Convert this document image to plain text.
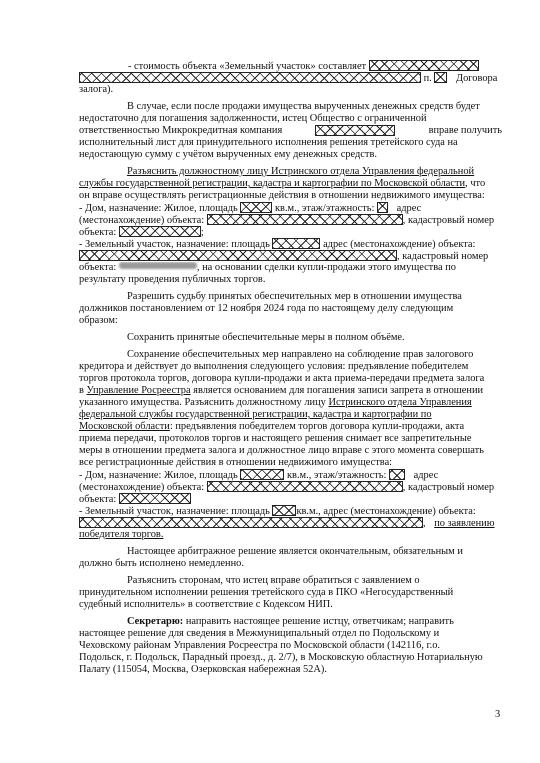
- стоимость объекта «Земельный участок» составляет
п. Договора
залога).
В случае, если после продажи имущества вырученных денежных средств будет
недостаточно для погашения задолженности, истец Общество с ограниченной
ответственностью Микрокредитная компания	вправе получить
исполнительный лист для принудительного исполнения решения третейского суда на
недостающую сумму с учётом вырученных ему денежных средств.
Разъяснить должностному лицу Истринского отдела Управления федеральной
службы государственной регистрации, кадастра и картографии по Московской области, что
он вправе осуществлять регистрационные действия в отношении недвижимого имущества:
- Дом, назначение: Жилое, площадь	кв.м., этаж/этажность: адрес
(местонахождение) объекта:	, кадастровый номер
объекта:	;
- Земельный участок, назначение: площадь	адрес (местонахождение) объекта:
, кадастровый номер
объекта:	, на основании сделки купли-продажи этого имущества по
результату проведения публичных торгов.
Разрешить судьбу принятых обеспечительных мер в отношении имущества
должников постановлением от 12 ноября 2024 года по настоящему делу следующим
образом:
Сохранить принятые обеспечительные меры в полном объёме.
Сохранение обеспечительных мер направлено на соблюдение прав залогового
кредитора и действует до выполнения следующего условия: предъявление победителем
торгов протокола торгов, договора купли-продажи и акта приема-передачи предмета залога
в Управление Росреестра является основанием для погашения записи запрета в отношении
указанного имущества. Разъяснить должностному лицу Истринского отдела Управления
федеральной службы государственной регистрации, кадастра и картографии по
Московской области: предъявления победителем торгов договора купли-продажи, акта
приема передачи, протоколов торгов и настоящего решения снимает все запретительные
меры в отношении предмета залога и должностное лицо вправе с этого момента совершать
все регистрационные действия в отношении недвижимого имущества:
- Дом, назначение: Жилое, площадь	кв.м., этаж/этажность:	адрес
(местонахождение) объекта:	, кадастровый номер
объекта:
- Земельный участок, назначение: площадь	кв.м., адрес (местонахождение) объекта:
, по заявлению
победителя торгов.
Настоящее арбитражное решение является окончательным, обязательным и
должно быть исполнено немедленно.
Разъяснить сторонам, что истец вправе обратиться с заявлением о
принудительном исполнении решения третейского суда в ПКО «Негосударственный
судебный исполнитель» в соответствие с Кодексом НИП.
Секретарю: направить настоящее решение истцу, ответчикам; направить
настоящее решение для сведения в Межмуниципальный отдел по Подольскому и
Чеховскому районам Управления Росреестра по Московской области (142116, г.о.
Подольск, г. Подольск, Парадный проезд., д. 2/7), в Московскую областную Нотариальную
Палату (115054, Москва, Озерковская набережная 52А).
3
